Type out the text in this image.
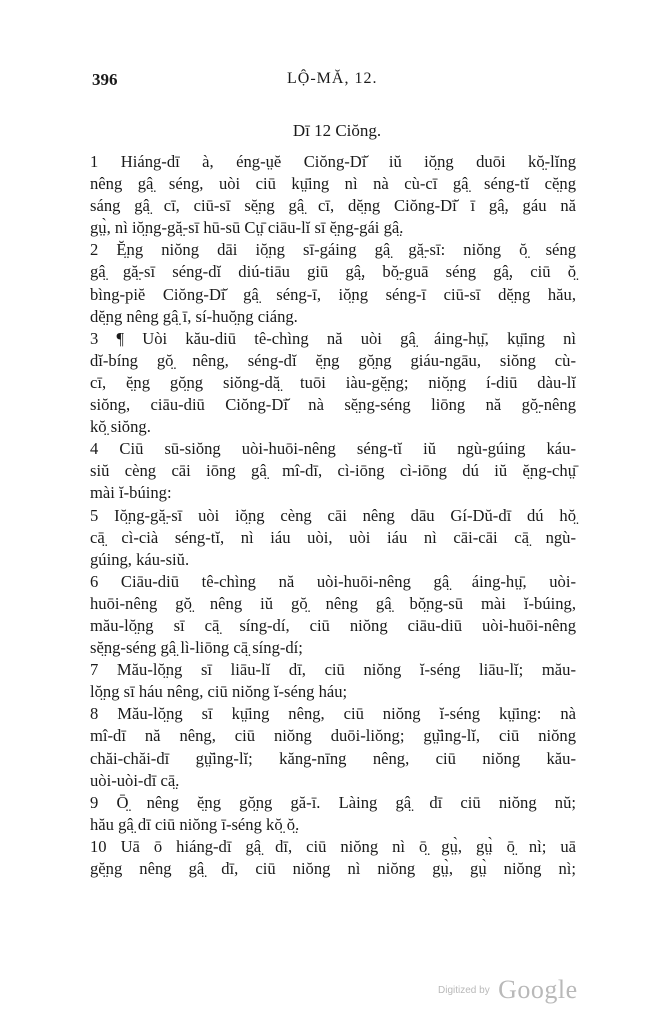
396	LỘ-MĂ, 12.
Dī 12 Ciŏng.
1 Hiáng-dī à, éng-ṳĕ Ciŏng-Dī̆ iŭ iŏ̤ng duōi kŏ̤-lĭng
nêng gâ̤ séng, uòi ciū kṳ̄ing nì nà cù-cī gâ̤ séng-tĭ cĕ̤ng
sáng gâ̤ cī, ciū-sī sĕ̤ng gâ̤ cī, dĕ̤ng Ciŏng-Dī̆ ī gâ̤, gáu nă
gṳ̀, nì iŏ̤ng-gă̤-sī hū-sū Cṳ̄ ciāu-lĭ sī ĕ̤ng-gái gâ̤.
2 Ĕ̤ng niŏng dāi iŏ̤ng sī-gáing gâ̤ gă̤-sī: niŏng ŏ̤ séng
gâ̤ gă̤-sī séng-dĭ diú-tiāu giū gâ̤, bŏ̤-guā séng gâ̤, ciū ŏ̤
bìng-piĕ Ciŏng-Dī̆ gâ̤ séng-ī, iŏ̤ng séng-ī ciū-sī dĕ̤ng hău,
dĕ̤ng nêng gâ̤ ī, sí-huŏ̤ng ciáng.
3 ¶ Uòi kău-diū tê-chìng nă uòi gâ̤ áing-hṳ̄, kṳ̄ing nì
dĭ-bíng gŏ̤ nêng, séng-dĭ ĕ̤ng gŏ̤ng giáu-ngāu, siŏng cù-
cī, ĕ̤ng gŏ̤ng siŏng-dă̤ tuōi iàu-gĕ̤ng; niŏ̤ng í-diū dàu-lĭ
siŏng, ciāu-diū Ciŏng-Dī̆ nà sĕ̤ng-séng liōng nă gŏ̤-nêng
kŏ̤ siŏng.
4 Ciū sū-siŏng uòi-huōi-nêng séng-tĭ iŭ ngù-gúing káu-
siŭ cèng cāi iōng gâ̤ mî-dī, cì-iōng cì-iōng dú iŭ ĕ̤ng-chṳ̄
mài ĭ-búing:
5 Iŏ̤ng-gă̤-sī uòi iŏ̤ng cèng cāi nêng dāu Gí-Dŭ-dī dú hŏ̤
cā̤ cì-cià séng-tĭ, nì iáu uòi, uòi iáu nì cāi-cāi cā̤ ngù-
gúing, káu-siŭ.
6 Ciāu-diū tê-chìng nă uòi-huōi-nêng gâ̤ áing-hṳ̄, uòi-
huōi-nêng gŏ̤ nêng iŭ gŏ̤ nêng gâ̤ bŏ̤ng-sū mài ĭ-búing,
mău-lŏ̤ng sī cā̤ síng-dí, ciū niŏng ciāu-diū uòi-huōi-nêng
sĕ̤ng-séng gâ̤ lì-liōng cā̤ síng-dí;
7 Mău-lŏ̤ng sī liāu-lĭ dī, ciū niŏng ĭ-séng liāu-lĭ; mău-
lŏ̤ng sī háu nêng, ciū niŏng ĭ-séng háu;
8 Mău-lŏ̤ng sī kṳ̄ing nêng, ciū niŏng ĭ-séng kṳ̄ing: nà
mî-dī nă nêng, ciū niŏng duōi-liŏng; gṳ̆ing-lĭ, ciū niŏng
chăi-chăi-dī gṳ̆ing-lĭ; kăng-nīng nêng, ciū niŏng kău-
uòi-uòi-dī cā̤.
9 Ō̤ nêng ĕ̤ng gŏ̤ng gă-ī. Làing gâ̤ dī ciū niŏng nŭ;
hău gâ̤ dī ciū niŏng ī-séng kŏ̤ ŏ̤.
10 Uā ō hiáng-dī gâ̤ dī, ciū niŏng nì ō̤ gṳ̀, gṳ̀ ō̤ nì; uā
gĕ̤ng nêng gâ̤ dī, ciū niŏng nì niŏng gṳ̀, gṳ̀ niŏng nì;
Digitized by Google
